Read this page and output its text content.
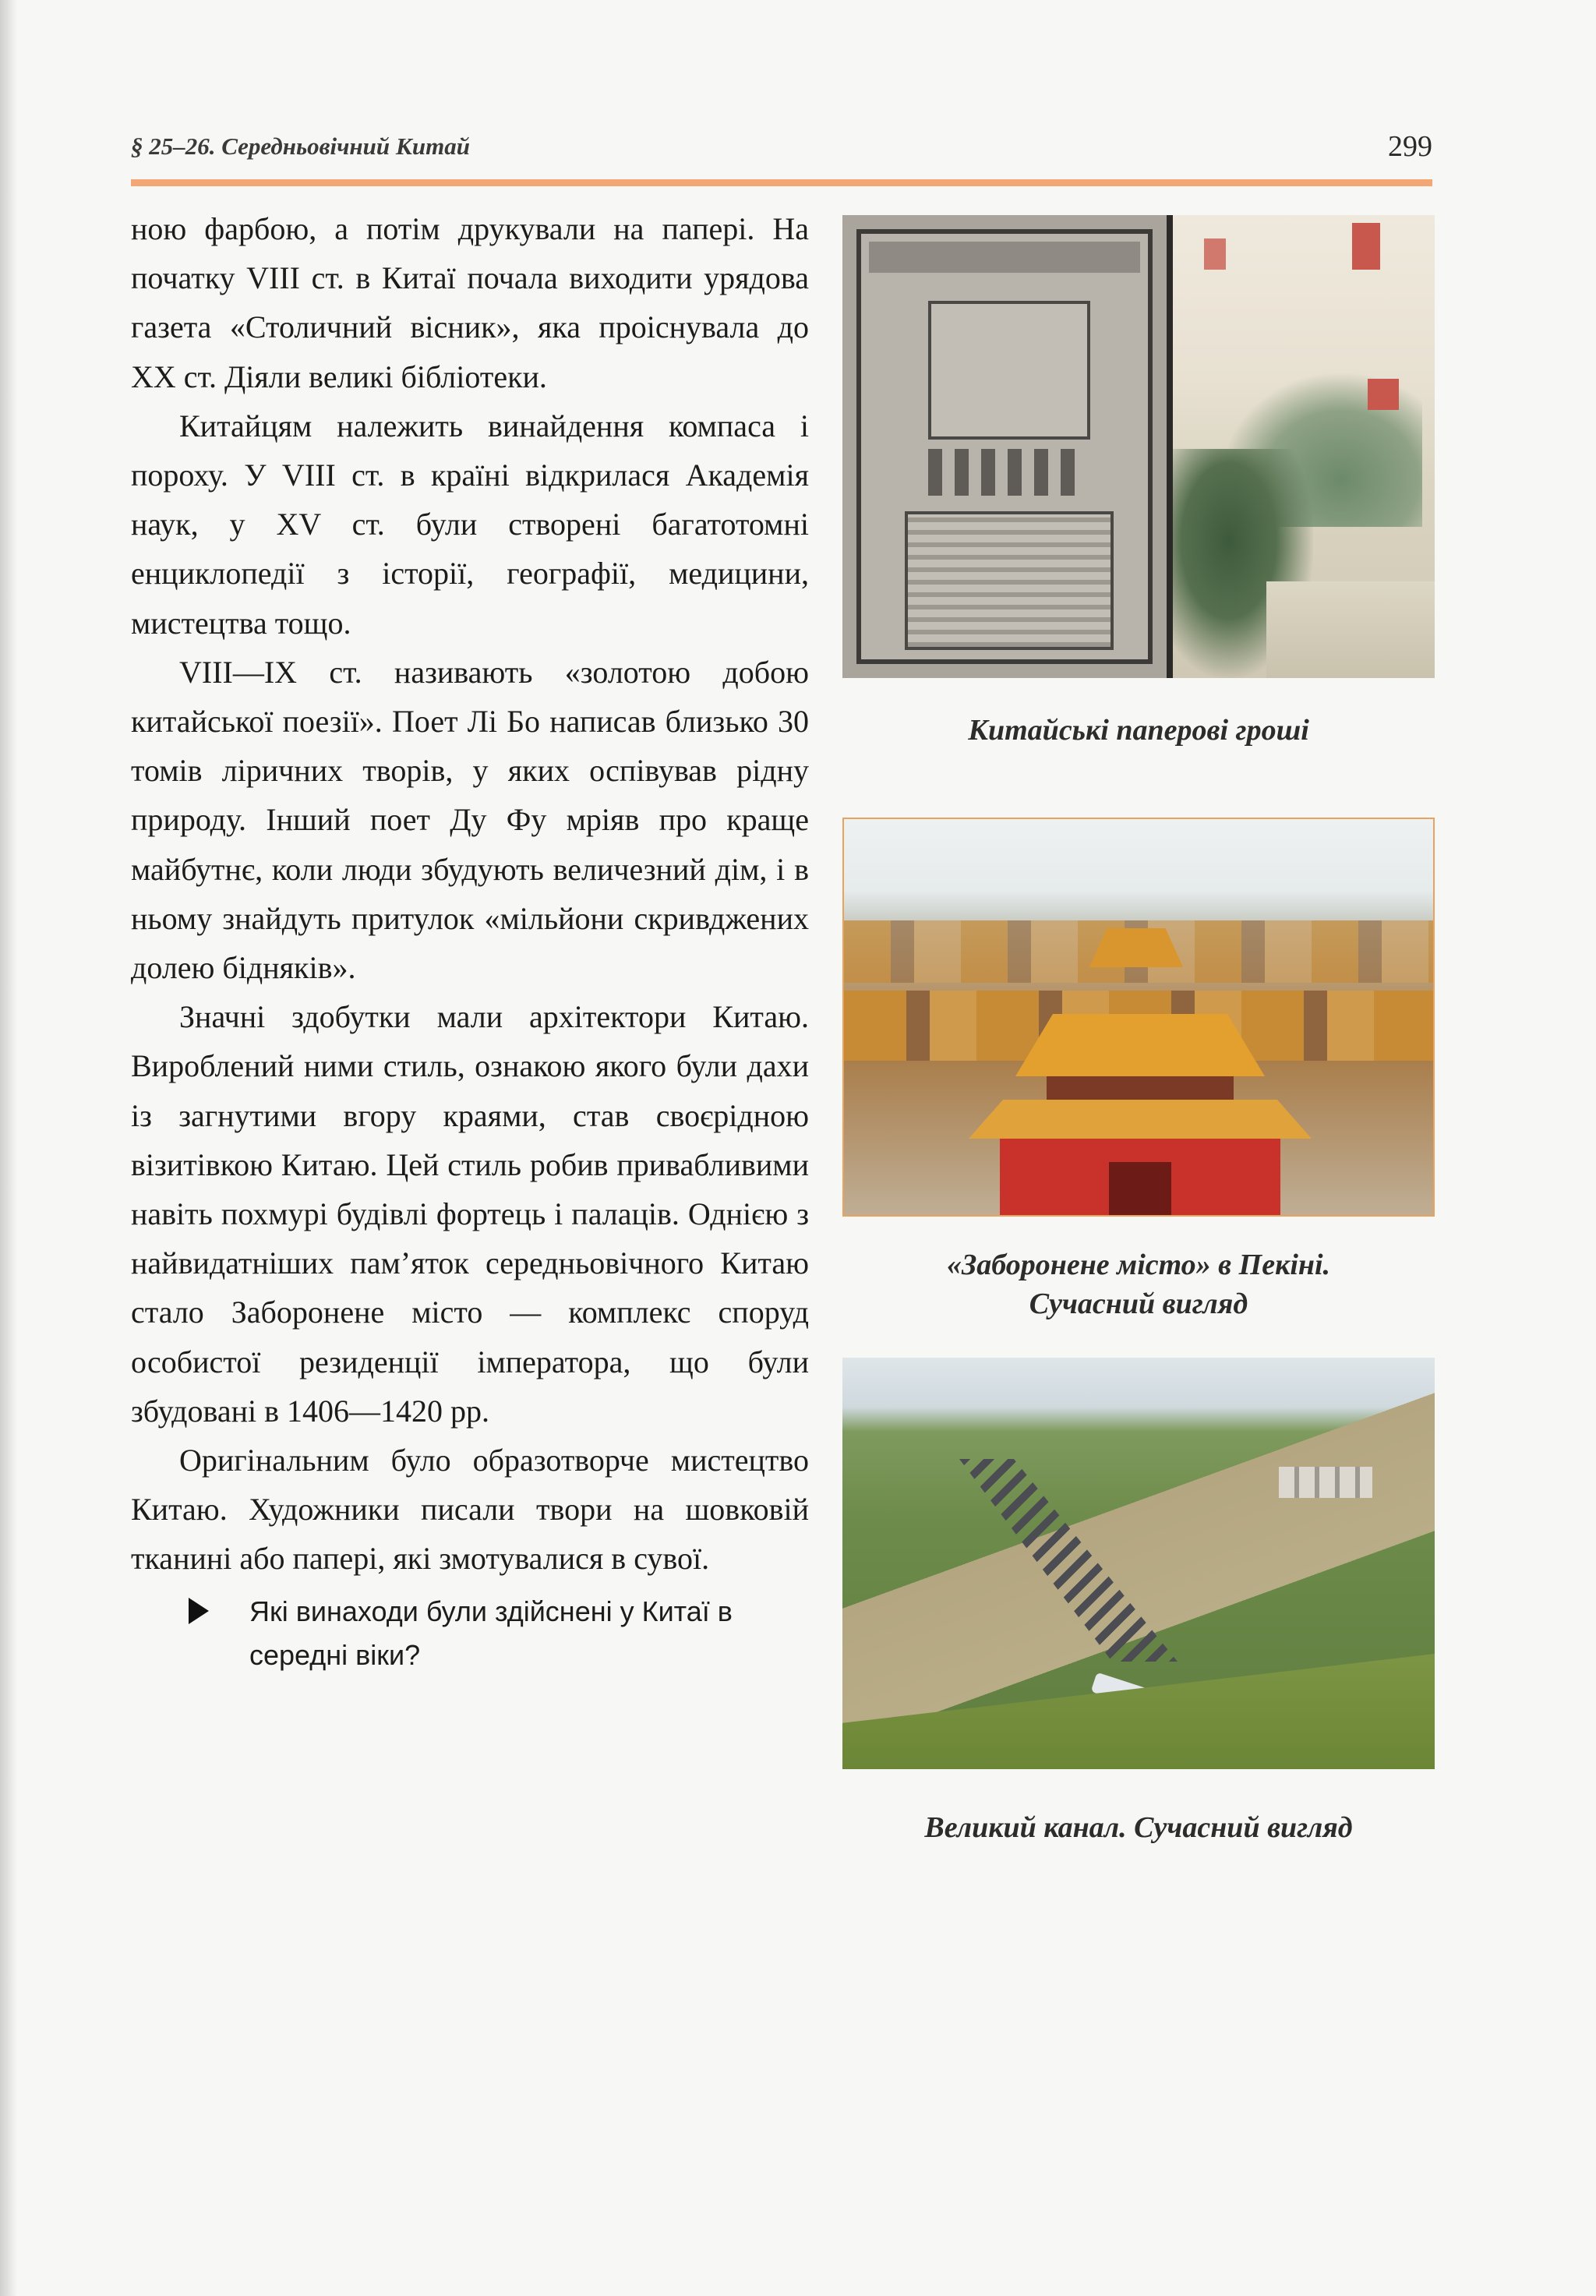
§ 25–26. Середньовічний Китай	299

ною фарбою, а потім друкували на папері. На початку VIII ст. в Китаї почала виходити урядова газета «Столичний вісник», яка проіснувала до XX ст. Діяли великі бібліотеки.

Китайцям належить винайдення компаса і пороху. У VIII ст. в країні відкрилася Академія наук, у XV ст. були створені багатотомні енциклопедії з історії, географії, медицини, мистецтва тощо.

VIII—IX ст. називають «золотою добою китайської поезії». Поет Лі Бо написав близько 30 томів ліричних творів, у яких оспівував рідну природу. Інший поет Ду Фу мріяв про краще майбутнє, коли люди збудують величезний дім, і в ньому знайдуть притулок «мільйони скривджених долею бідняків».

Значні здобутки мали архітектори Китаю. Вироблений ними стиль, ознакою якого були дахи із загнутими вгору краями, став своєрідною візитівкою Китаю. Цей стиль робив привабливими навіть похмурі будівлі фортець і палаців. Однією з найвидатніших пам’яток середньовічного Китаю стало Заборонене місто — комплекс споруд особистої резиденції імператора, що були збудовані в 1406—1420 рр.

Оригінальним було образотворче мистецтво Китаю. Художники писали твори на шовковій тканині або папері, які змотувалися в сувої.

Які винаходи були здійснені у Китаї в середні віки?
Китайські паперові гроші
«Заборонене місто» в Пекіні.
Сучасний вигляд
Великий канал. Сучасний вигляд
